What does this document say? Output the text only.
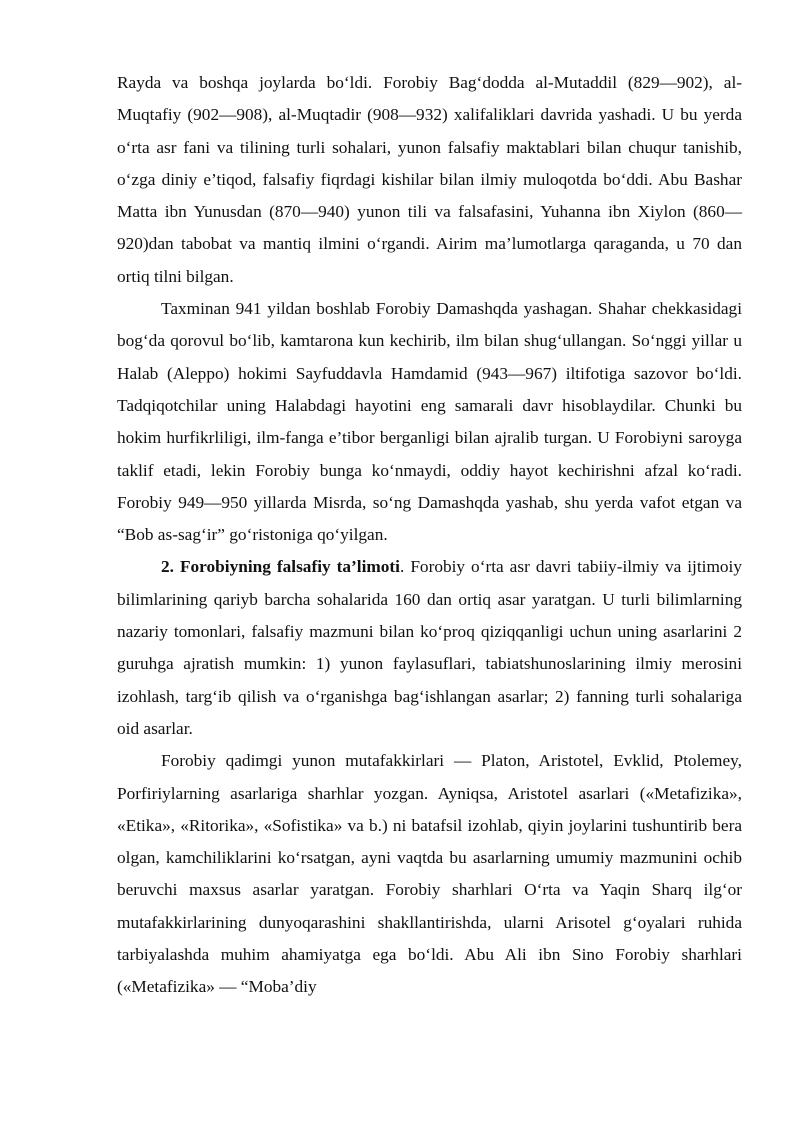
Rayda va boshqa joylarda bo‘ldi. Forobiy Bag‘dodda al-Mutaddil (829—902), al-Muqtafiy (902—908), al-Muqtadir (908—932) xalifaliklari davrida yashadi. U bu yerda o‘rta asr fani va tilining turli sohalari, yunon falsafiy maktablari bilan chuqur tanishib, o‘zga diniy e’tiqod, falsafiy fiqrdagi kishilar bilan ilmiy muloqotda bo‘ddi. Abu Bashar Matta ibn Yunusdan (870—940) yunon tili va falsafasini, Yuhanna ibn Xiylon (860— 920)dan tabobat va mantiq ilmini o‘rgandi. Airim ma’lumotlarga qaraganda, u 70 dan ortiq tilni bilgan.

Taxminan 941 yildan boshlab Forobiy Damashqda yashagan. Shahar chekkasidagi bog‘da qorovul bo‘lib, kamtarona kun kechirib, ilm bilan shug‘ullangan. So‘nggi yillar u Halab (Aleppo) hokimi Sayfuddavla Hamdamid (943—967) iltifotiga sazovor bo‘ldi. Tadqiqotchilar uning Halabdagi hayotini eng samarali davr hisoblaydilar. Chunki bu hokim hurfikrliligi, ilm-fanga e’tibor berganligi bilan ajralib turgan. U Forobiyni saroyga taklif etadi, lekin Forobiy bunga ko‘nmaydi, oddiy hayot kechirishni afzal ko‘radi. Forobiy 949—950 yillarda Misrda, so‘ng Damashqda yashab, shu yerda vafot etgan va “Bob as-sag‘ir” go‘ristoniga qo‘yilgan.

2. Forobiyning falsafiy ta’limoti. Forobiy o‘rta asr davri tabiiy-ilmiy va ijtimoiy bilimlarining qariyb barcha sohalarida 160 dan ortiq asar yaratgan. U turli bilimlarning nazariy tomonlari, falsafiy mazmuni bilan ko‘proq qiziqqanligi uchun uning asarlarini 2 guruhga ajratish mumkin: 1) yunon faylasuflari, tabiatshunoslarining ilmiy merosini izohlash, targ‘ib qilish va o‘rganishga bag‘ishlangan asarlar; 2) fanning turli sohalariga oid asarlar.

Forobiy qadimgi yunon mutafakkirlari — Platon, Aristotel, Evklid, Ptolemey, Porfiriylarning asarlariga sharhlar yozgan. Ayniqsa, Aristotel asarlari («Metafizika», «Etika», «Ritorika», «Sofistika» va b.) ni batafsil izohlab, qiyin joylarini tushuntirib bera olgan, kamchiliklarini ko‘rsatgan, ayni vaqtda bu asarlarning umumiy mazmunini ochib beruvchi maxsus asarlar yaratgan. Forobiy sharhlari O‘rta va Yaqin Sharq ilg‘or mutafakkirlarining dunyoqarashini shakllantirishda, ularni Arisotel g‘oyalari ruhida tarbiyalashda muhim ahamiyatga ega bo‘ldi. Abu Ali ibn Sino Forobiy sharhlari («Metafizika» — “Moba’diy
